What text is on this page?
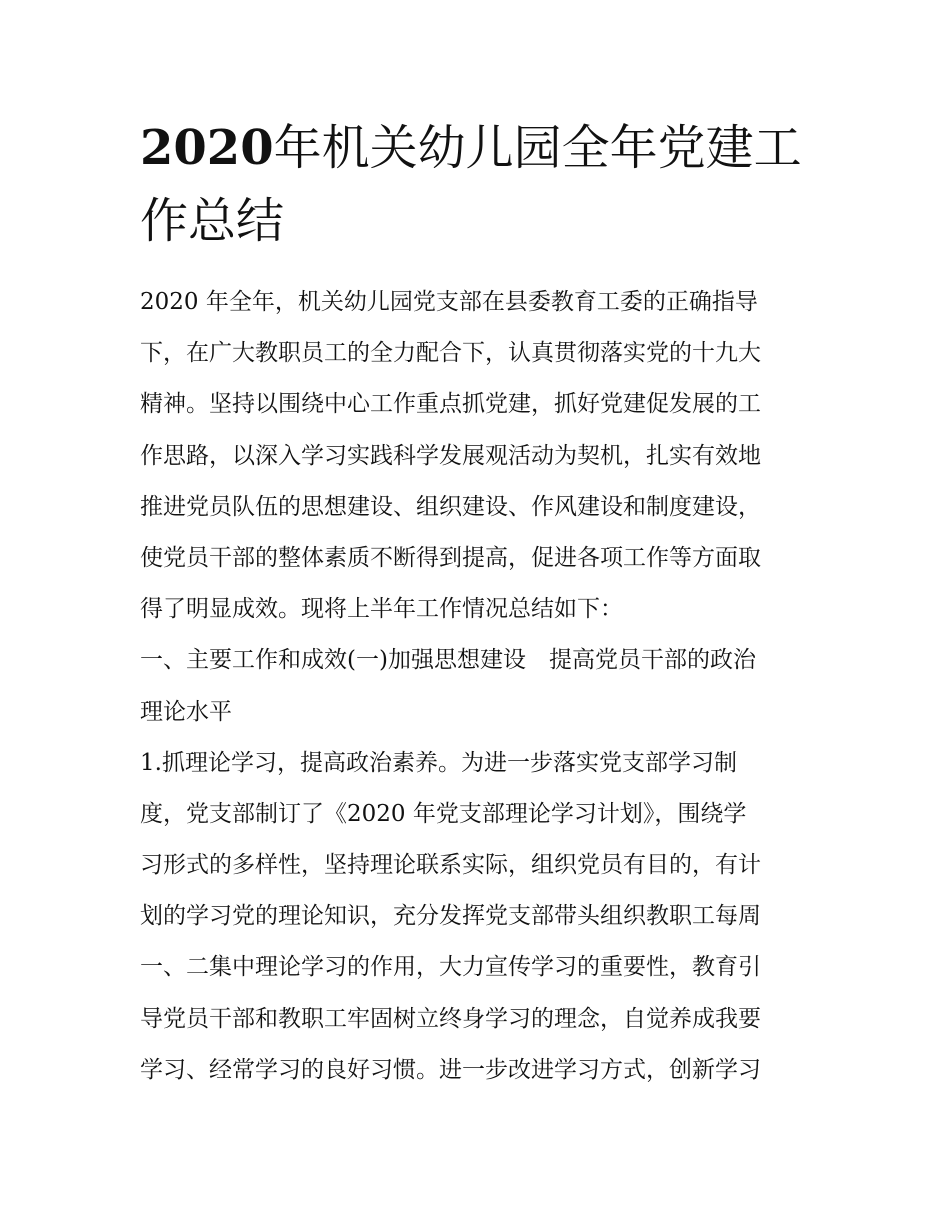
2020年机关幼儿园全年党建工
作总结
2020 年全年，机关幼儿园党支部在县委教育工委的正确指导
下，在广大教职员工的全力配合下，认真贯彻落实党的十九大
精神。坚持以围绕中心工作重点抓党建，抓好党建促发展的工
作思路，以深入学习实践科学发展观活动为契机，扎实有效地
推进党员队伍的思想建设、组织建设、作风建设和制度建设，
使党员干部的整体素质不断得到提高，促进各项工作等方面取
得了明显成效。现将上半年工作情况总结如下：
一、主要工作和成效(一)加强思想建设　提高党员干部的政治
理论水平
1.抓理论学习，提高政治素养。为进一步落实党支部学习制
度，党支部制订了《2020 年党支部理论学习计划》，围绕学
习形式的多样性，坚持理论联系实际，组织党员有目的，有计
划的学习党的理论知识，充分发挥党支部带头组织教职工每周
一、二集中理论学习的作用，大力宣传学习的重要性，教育引
导党员干部和教职工牢固树立终身学习的理念，自觉养成我要
学习、经常学习的良好习惯。进一步改进学习方式，创新学习
